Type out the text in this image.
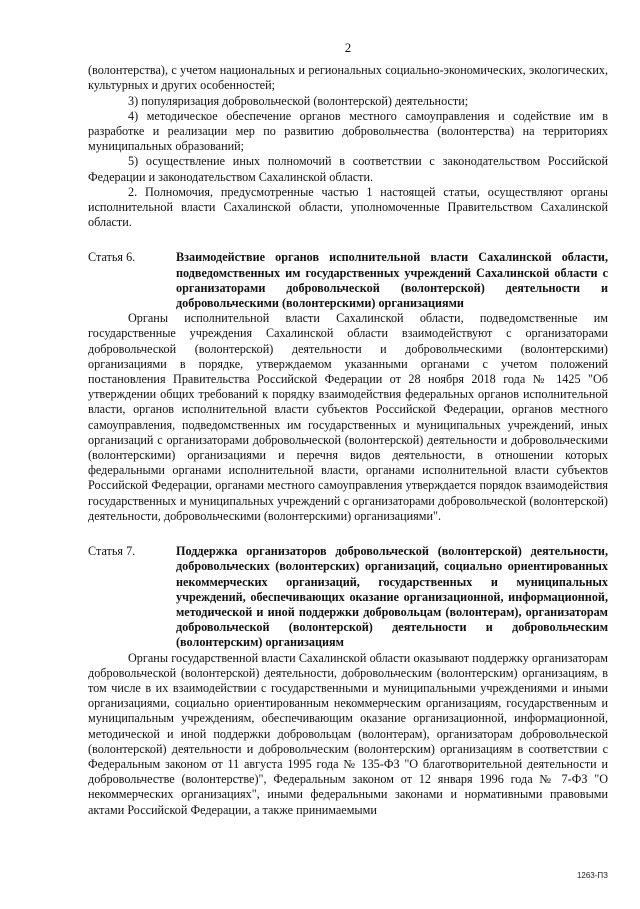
2

(волонтерства), с учетом национальных и региональных социально-экономических, экологических, культурных и других особенностей;

3) популяризация добровольческой (волонтерской) деятельности;

4) методическое обеспечение органов местного самоуправления и содействие им в разработке и реализации мер по развитию добровольчества (волонтерства) на территориях муниципальных образований;

5) осуществление иных полномочий в соответствии с законодательством Российской Федерации и законодательством Сахалинской области.

2. Полномочия, предусмотренные частью 1 настоящей статьи, осуществляют органы исполнительной власти Сахалинской области, уполномоченные Правительством Сахалинской области.

Статья 6.	Взаимодействие органов исполнительной власти Сахалинской области, подведомственных им государственных учреждений Сахалинской области с организаторами добровольческой (волонтерской) деятельности и добровольческими (волонтерскими) организациями

Органы исполнительной власти Сахалинской области, подведомственные им государственные учреждения Сахалинской области взаимодействуют с организаторами добровольческой (волонтерской) деятельности и добровольческими (волонтерскими) организациями в порядке, утверждаемом указанными органами с учетом положений постановления Правительства Российской Федерации от 28 ноября 2018 года № 1425 "Об утверждении общих требований к порядку взаимодействия федеральных органов исполнительной власти, органов исполнительной власти субъектов Российской Федерации, органов местного самоуправления, подведомственных им государственных и муниципальных учреждений, иных организаций с организаторами добровольческой (волонтерской) деятельности и добровольческими (волонтерскими) организациями и перечня видов деятельности, в отношении которых федеральными органами исполнительной власти, органами исполнительной власти субъектов Российской Федерации, органами местного самоуправления утверждается порядок взаимодействия государственных и муниципальных учреждений с организаторами добровольческой (волонтерской) деятельности, добровольческими (волонтерскими) организациями".

Статья 7.	Поддержка организаторов добровольческой (волонтерской) деятельности, добровольческих (волонтерских) организаций, социально ориентированных некоммерческих организаций, государственных и муниципальных учреждений, обеспечивающих оказание организационной, информационной, методической и иной поддержки добровольцам (волонтерам), организаторам добровольческой (волонтерской) деятельности и добровольческим (волонтерским) организациям

Органы государственной власти Сахалинской области оказывают поддержку организаторам добровольческой (волонтерской) деятельности, добровольческим (волонтерским) организациям, в том числе в их взаимодействии с государственными и муниципальными учреждениями и иными организациями, социально ориентированным некоммерческим организациям, государственным и муниципальным учреждениям, обеспечивающим оказание организационной, информационной, методической и иной поддержки добровольцам (волонтерам), организаторам добровольческой (волонтерской) деятельности и добровольческим (волонтерским) организациям в соответствии с Федеральным законом от 11 августа 1995 года № 135-ФЗ "О благотворительной деятельности и добровольчестве (волонтерстве)", Федеральным законом от 12 января 1996 года № 7-ФЗ "О некоммерческих организациях", иными федеральными законами и нормативными правовыми актами Российской Федерации, а также принимаемыми

1263-ПЗ
